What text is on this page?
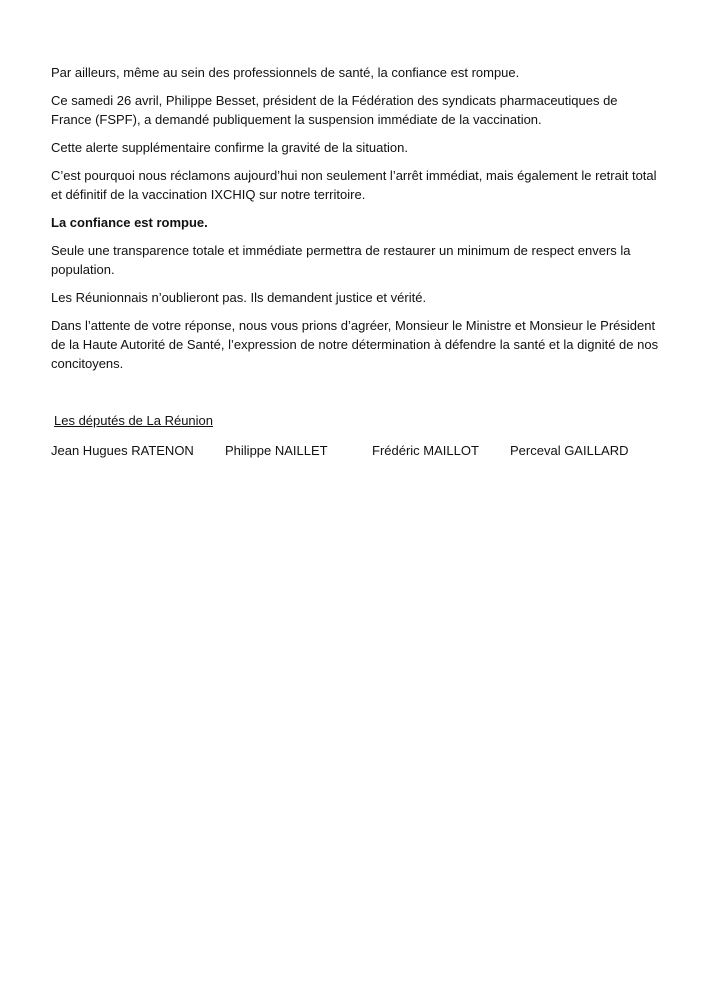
Par ailleurs, même au sein des professionnels de santé, la confiance est rompue.

Ce samedi 26 avril, Philippe Besset, président de la Fédération des syndicats pharmaceutiques de France (FSPF), a demandé publiquement la suspension immédiate de la vaccination.

Cette alerte supplémentaire confirme la gravité de la situation.

C’est pourquoi nous réclamons aujourd’hui non seulement l’arrêt immédiat, mais également le retrait total et définitif de la vaccination IXCHIQ sur notre territoire.

La confiance est rompue.

Seule une transparence totale et immédiate permettra de restaurer un minimum de respect envers la population.

Les Réunionnais n’oublieront pas. Ils demandent justice et vérité.

Dans l’attente de votre réponse, nous vous prions d’agréer, Monsieur le Ministre et Monsieur le Président de la Haute Autorité de Santé, l’expression de notre détermination à défendre la santé et la dignité de nos concitoyens.

Les députés de La Réunion
Jean Hugues RATENON Philippe NAILLET	Frédéric MAILLOT Perceval GAILLARD
